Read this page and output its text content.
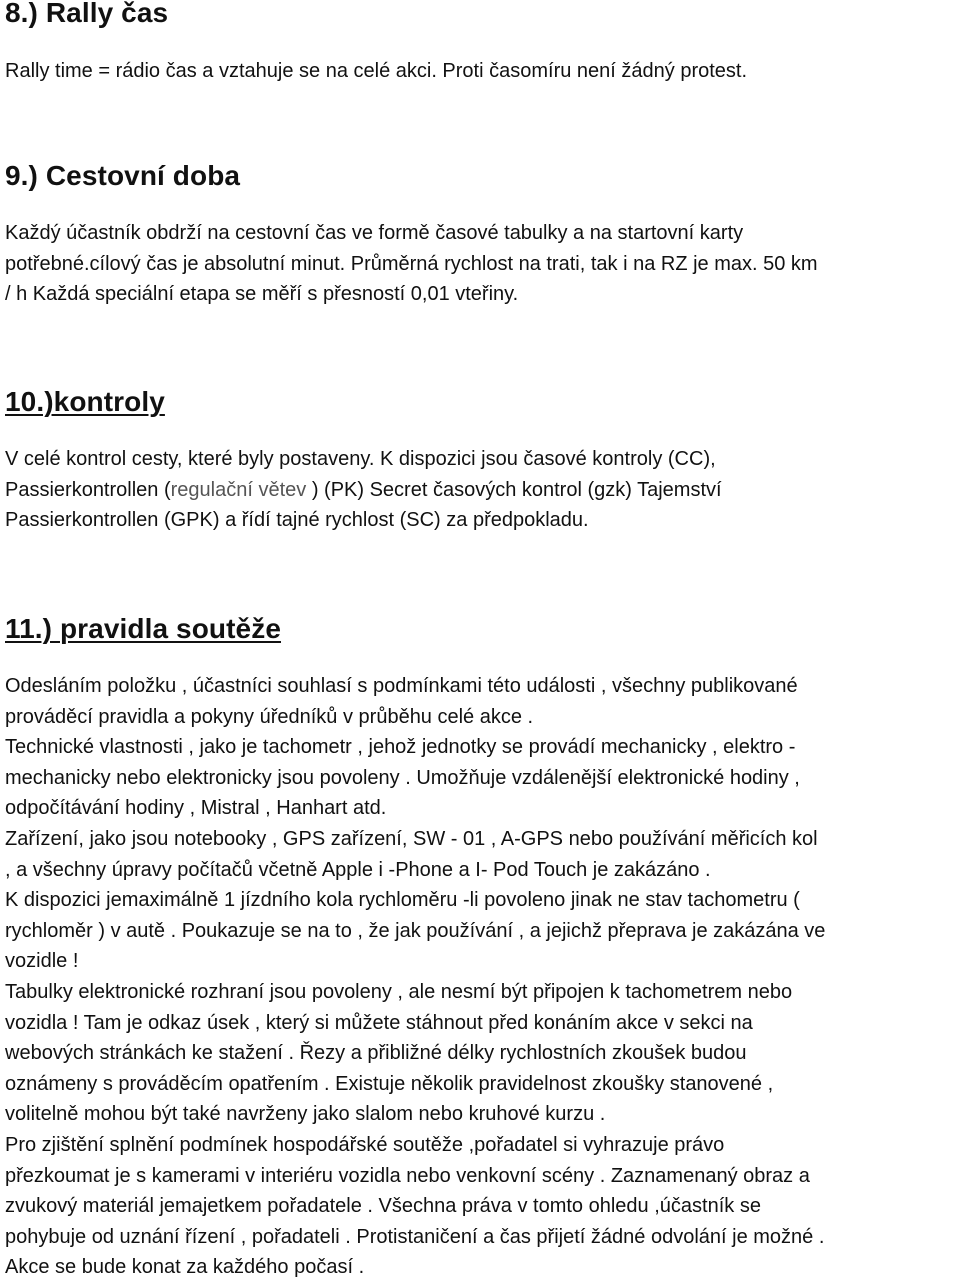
8.) Rally čas

Rally time = rádio čas a vztahuje se na celé akci. Proti časomíru není žádný protest.

9.) Cestovní doba

Každý účastník obdrží na cestovní čas ve formě časové tabulky a na startovní karty

potřebné.cílový čas je absolutní minut. Průměrná rychlost na trati, tak i na RZ je max. 50 km

/ h Každá speciální etapa se měří s přesností 0,01 vteřiny.

10.)kontroly

V celé kontrol cesty, které byly postaveny. K dispozici jsou časové kontroly (CC),

Passierkontrollen (regulační větev ) (PK) Secret časových kontrol (gzk) Tajemství

Passierkontrollen (GPK) a řídí tajné rychlost (SC) za předpokladu.

11.) pravidla soutěže

Odesláním položku , účastníci souhlasí s podmínkami této události , všechny publikované

prováděcí pravidla a pokyny úředníků v průběhu celé akce .

Technické vlastnosti , jako je tachometr , jehož jednotky se provádí mechanicky , elektro -

mechanicky nebo elektronicky jsou povoleny . Umožňuje vzdálenější elektronické hodiny ,

odpočítávání hodiny , Mistral , Hanhart atd.

Zařízení, jako jsou notebooky , GPS zařízení, SW - 01 , A-GPS nebo používání měřicích kol

, a všechny úpravy počítačů včetně Apple i -Phone a I- Pod Touch je zakázáno .

K dispozici jemaximálně 1 jízdního kola rychloměru -li povoleno jinak ne stav tachometru (

rychloměr ) v autě . Poukazuje se na to , že jak používání , a jejichž přeprava je zakázána ve

vozidle !

Tabulky elektronické rozhraní jsou povoleny , ale nesmí být připojen k tachometrem nebo

vozidla ! Tam je odkaz úsek , který si můžete stáhnout před konáním akce v sekci na

webových stránkách ke stažení . Řezy a přibližné délky rychlostních zkoušek budou

oznámeny s prováděcím opatřením . Existuje několik pravidelnost zkoušky stanovené ,

volitelně mohou být také navrženy jako slalom nebo kruhové kurzu .

Pro zjištění splnění podmínek hospodářské soutěže ,pořadatel si vyhrazuje právo

přezkoumat je s kamerami v interiéru vozidla nebo venkovní scény . Zaznamenaný obraz a

zvukový materiál jemajetkem pořadatele . Všechna práva v tomto ohledu ,účastník se

pohybuje od uznání řízení , pořadateli . Protistaničení a čas přijetí žádné odvolání je možné .

Akce se bude konat za každého počasí .
